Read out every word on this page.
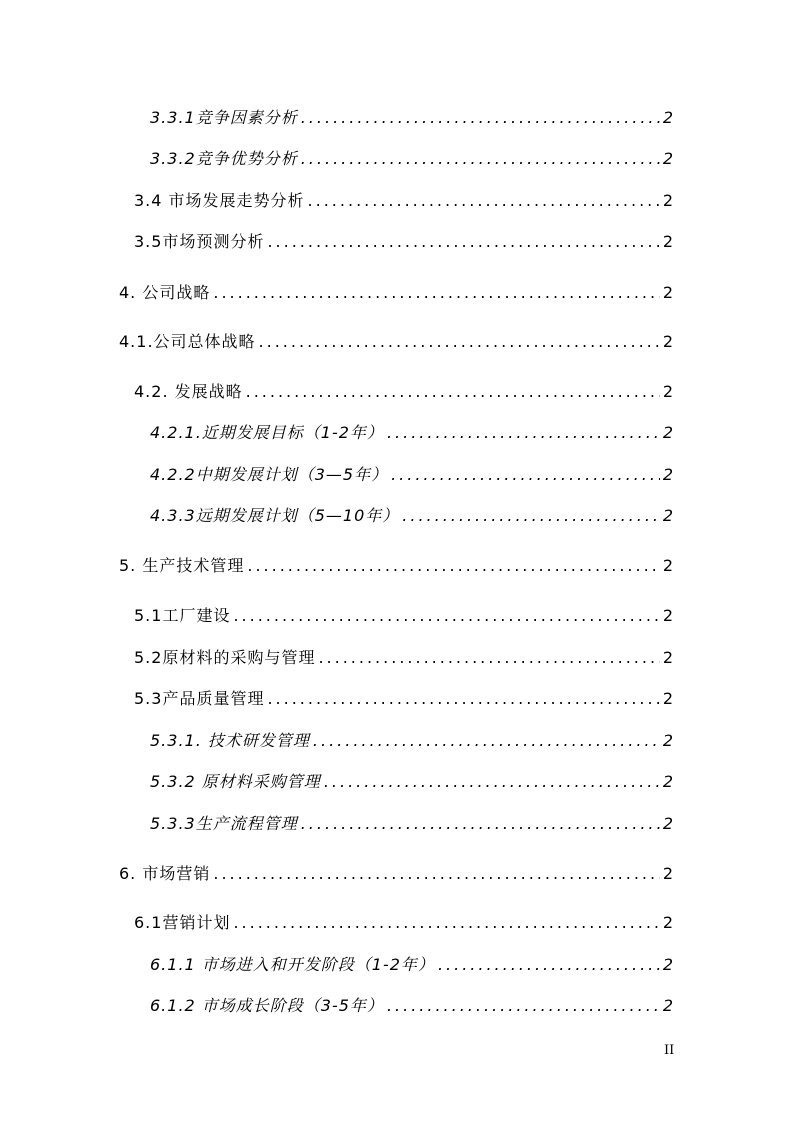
3.3.1竞争因素分析 .....	2
3.3.2竞争优势分析 .....	2
3.4 市场发展走势分析 .....	2
3.5市场预测分析 .....	2
4. 公司战略 .....	2
4.1.公司总体战略 .....	2
4.2. 发展战略 .....	2
4.2.1.近期发展目标（1-2年） .....	2
4.2.2中期发展计划（3—5年） .....	2
4.3.3远期发展计划（5—10年） .....	2
5. 生产技术管理 .....	2
5.1工厂建设 .....	2
5.2原材料的采购与管理 .....	2
5.3产品质量管理 .....	2
5.3.1. 技术研发管理 .....	2
5.3.2 原材料采购管理 .....	2
5.3.3生产流程管理 .....	2
6. 市场营销 .....	2
6.1营销计划 .....	2
6.1.1 市场进入和开发阶段（1-2年） .....	2
6.1.2 市场成长阶段（3-5年） .....	2
II
